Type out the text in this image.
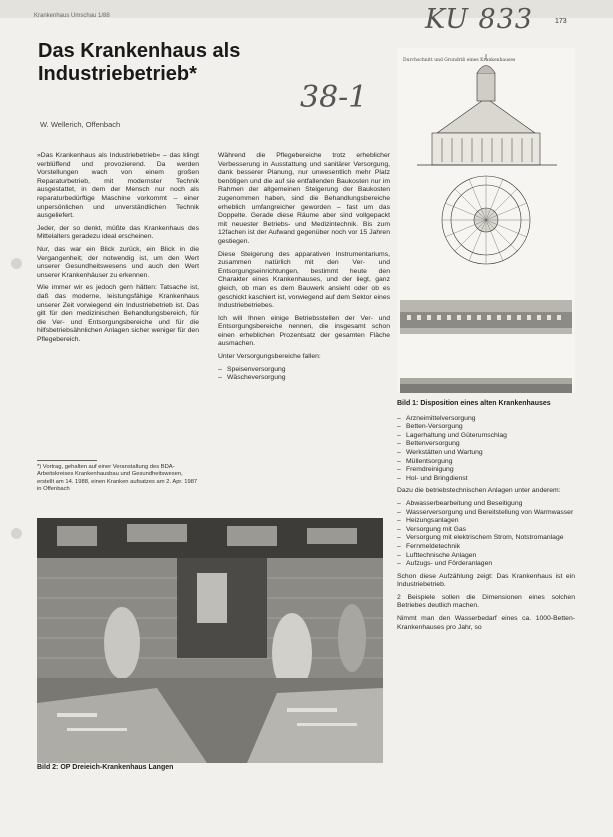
Krankenhaus Umschau 1/88
173
KU 833
38-1
Das Krankenhaus als
Industriebetrieb*
W. Wellerich, Offenbach

»Das Krankenhaus als Industriebetrieb« – das klingt verblüffend und provozierend. Da werden Vorstellungen wach von einem großen Reparaturbetrieb, mit modernster Technik ausgestattet, in dem der Mensch nur noch als reparaturbedürftige Maschine vorkommt – einer unpersönlichen und unverständlichen Technik ausgeliefert.

Jeder, der so denkt, müßte das Krankenhaus des Mittelalters geradezu ideal erscheinen.

Nur, das war ein Blick zurück, ein Blick in die Vergangenheit; der notwendig ist, um den Wert unserer Gesundheitswesens und auch den Wert unserer Krankenhäuser zu erkennen.

Wie immer wir es jedoch gern hätten: Tatsache ist, daß das moderne, leistungsfähige Krankenhaus unserer Zeit vorwiegend ein Industriebetrieb ist. Das gilt für den medizinischen Behandlungsbereich, für die Ver- und Entsorgungsbereiche und für die hilfsbetriebsähnlichen Anlagen sicher weniger für den Pflegebereich.

*) Vortrag, gehalten auf einer Veranstaltung des BDA-Arbeitskreises Krankenhausbau und Gesundheitswesen, erstellt am 14. 1988, einen Kranken aufsatzes am 2. Apr. 1987 in Offenbach

Während die Pflegebereiche trotz erheblicher Verbesserung in Ausstattung und sanitärer Versorgung, dank besserer Planung, nur unwesentlich mehr Platz benötigen und die auf sie entfallenden Baukosten nur im Rahmen der allgemeinen Steigerung der Baukosten zugenommen haben, sind die Behandlungsbereiche erheblich umfangreicher geworden – fast um das Doppelte. Gerade diese Räume aber sind vollgepackt mit neuester Betriebs- und Medizintechnik. Bis zum 12fachen ist der Aufwand gegenüber noch vor 15 Jahren gestiegen.

Diese Steigerung des apparativen Instrumentariums, zusammen natürlich mit den Ver- und Entsorgungseinrichtungen, bestimmt heute den Charakter eines Krankenhauses, und der liegt, ganz gleich, ob man es dem Bauwerk ansieht oder ob es geschickt kaschiert ist, vorwiegend auf dem Sektor eines Industriebetriebes.

Ich will Ihnen einige Betriebsstellen der Ver- und Entsorgungsbereiche nennen, die insgesamt schon einen erheblichen Prozentsatz der gesamten Fläche ausmachen.

Unter Versorgungsbereiche fallen:

– Speisenversorgung
– Wäscheversorgung
Durchschnitt und Grundriß eines Krankenhauses
Bild 1: Disposition eines alten Krankenhauses
– Arzneimittelversorgung
– Betten-Versorgung
– Lagerhaltung und Güterumschlag
– Bettenversorgung
– Werkstätten und Wartung
– Müllentsorgung
– Fremdreinigung
– Hol- und Bringdienst

Dazu die betriebstechnischen Anlagen unter anderem:

– Abwasserbearbeitung und Beseitigung
– Wasserversorgung und Bereitstellung von Warmwasser
– Heizungsanlagen
– Versorgung mit Gas
– Versorgung mit elektrischem Strom, Notstromanlage
– Fernmeldetechnik
– Lufttechnische Anlagen
– Aufzugs- und Förderanlagen

Schon diese Aufzählung zeigt: Das Krankenhaus ist ein Industriebetrieb.

2 Beispiele sollen die Dimensionen eines solchen Betriebes deutlich machen.

Nimmt man den Wasserbedarf eines ca. 1000-Betten-Krankenhauses pro Jahr, so

Bild 2: OP Dreieich-Krankenhaus Langen
